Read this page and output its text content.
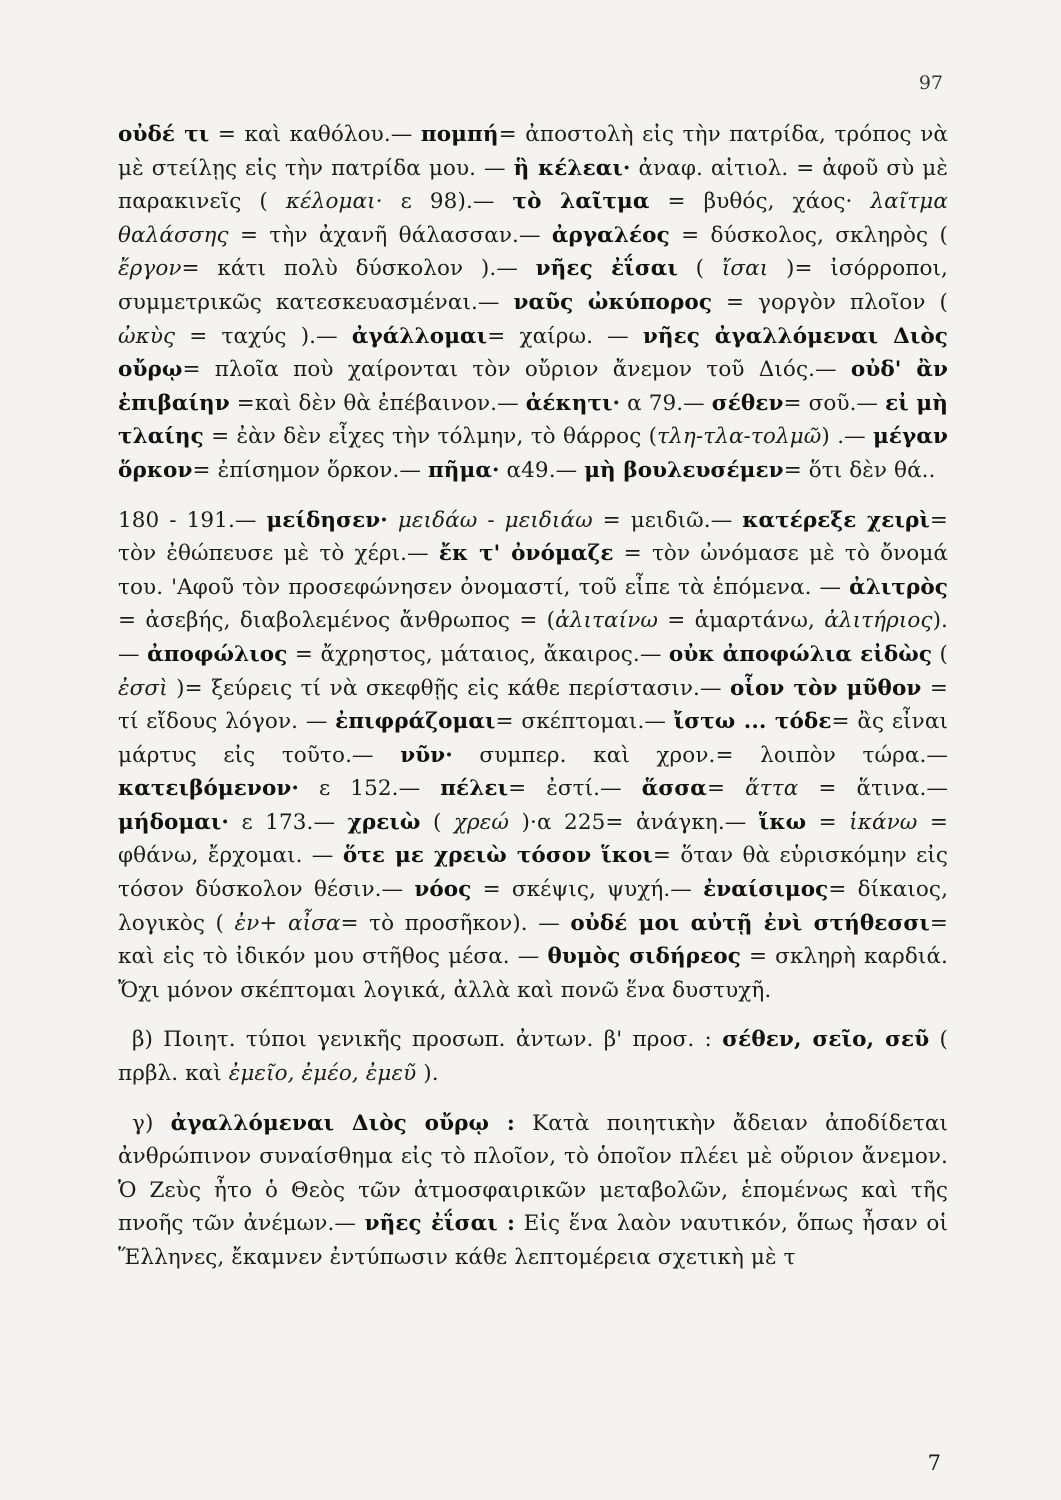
97

οὐδέ τι = καὶ καθόλου.— πομπή= ἀποστολὴ εἰς τὴν πατρίδα, τρόπος νὰ μὲ στείλῃς εἰς τὴν πατρίδα μου. — ἣ κέλεαι· ἀναφ. αἰτιολ. = ἀφοῦ σὺ μὲ παρακινεῖς ( κέλομαι· ε 98).— τὸ λαῖτμα = βυθός, χάος· λαῖτμα θαλάσσης = τὴν ἀχανῆ θάλασσαν.— ἀργαλέος = δύσκολος, σκληρὸς ( ἔργον= κάτι πολὺ δύσκολον ).— νῆες ἐΐσαι ( ἴσαι )= ἰσόρροποι, συμμετρικῶς κατεσκευασμέναι.— ναῦς ὠκύπορος = γοργὸν πλοῖον ( ὠκὺς = ταχύς ).— ἀγάλλομαι= χαίρω. — νῆες ἀγαλλόμεναι Διὸς οὔρῳ= πλοῖα ποὺ χαίρονται τὸν οὔριον ἄνεμον τοῦ Διός.— οὐδ' ἂν ἐπιβαίην =καὶ δὲν θὰ ἐπέβαινον.— ἀέκητι· α 79.— σέθεν= σοῦ.— εἰ μὴ τλαίης = ἐὰν δὲν εἶχες τὴν τόλμην, τὸ θάρρος (τλη-τλα-τολμῶ) .— μέγαν ὅρκον= ἐπίσημον ὅρκον.— πῆμα· α49.— μὴ βουλευσέμεν= ὅτι δὲν θά..

180 - 191.— μείδησεν· μειδάω - μειδιάω = μειδιῶ.— κατέρεξε χειρὶ= τὸν ἐθώπευσε μὲ τὸ χέρι.— ἔκ τ' ὀνόμαζε = τὸν ὠνόμασε μὲ τὸ ὄνομά του. 'Αφοῦ τὸν προσεφώνησεν ὀνομαστί, τοῦ εἶπε τὰ ἑπόμενα. — ἀλιτρὸς = ἀσεβής, διαβολεμένος ἄνθρωπος = (ἀλιταίνω = ἁμαρτάνω, ἀλιτήριος).— ἀποφώλιος = ἄχρηστος, μάταιος, ἄκαιρος.— οὐκ ἀποφώλια εἰδὼς ( ἐσσὶ )= ξεύρεις τί νὰ σκεφθῇς εἰς κάθε περίστασιν.— οἷον τὸν μῦθον = τί εἴδους λόγον. — ἐπιφράζομαι= σκέπτομαι.— ἴστω ... τόδε= ἂς εἶναι μάρτυς εἰς τοῦτο.— νῦν· συμπερ. καὶ χρον.= λοιπὸν τώρα.— κατειβόμενον· ε 152.— πέλει= ἐστί.— ἅσσα= ἅττα = ἅτινα.— μήδομαι· ε 173.— χρειὼ ( χρεώ )·α 225= ἀνάγκη.— ἵκω = ἱκάνω = φθάνω, ἔρχομαι. — ὅτε με χρειὼ τόσον ἵκοι= ὅταν θὰ εὑρισκόμην εἰς τόσον δύσκολον θέσιν.— νόος = σκέψις, ψυχή.— ἐναίσιμος= δίκαιος, λογικὸς ( ἐν+ αἶσα= τὸ προσῆκον). — οὐδέ μοι αὐτῇ ἐνὶ στήθεσσι= καὶ εἰς τὸ ἰδικόν μου στῆθος μέσα. — θυμὸς σιδήρεος = σκληρὴ καρδιά. Ὄχι μόνον σκέπτομαι λογικά, ἀλλὰ καὶ πονῶ ἕνα δυστυχῆ.

β) Ποιητ. τύποι γενικῆς προσωπ. ἀντων. β' προσ. : σέθεν, σεῖο, σεῦ ( πρβλ. καὶ ἐμεῖο, ἐμέο, ἐμεῦ ).

γ) ἀγαλλόμεναι Διὸς οὔρῳ : Κατὰ ποιητικὴν ἄδειαν ἀποδίδεται ἀνθρώπινον συναίσθημα εἰς τὸ πλοῖον, τὸ ὁποῖον πλέει μὲ οὔριον ἄνεμον. Ὁ Ζεὺς ἦτο ὁ Θεὸς τῶν ἀτμοσφαιρικῶν μεταβολῶν, ἑπομένως καὶ τῆς πνοῆς τῶν ἀνέμων.— νῆες ἐΐσαι : Εἰς ἕνα λαὸν ναυτικόν, ὅπως ἦσαν οἱ Ἕλληνες, ἔκαμνεν ἐντύπωσιν κάθε λεπτομέρεια σχετικὴ μὲ τ

7
